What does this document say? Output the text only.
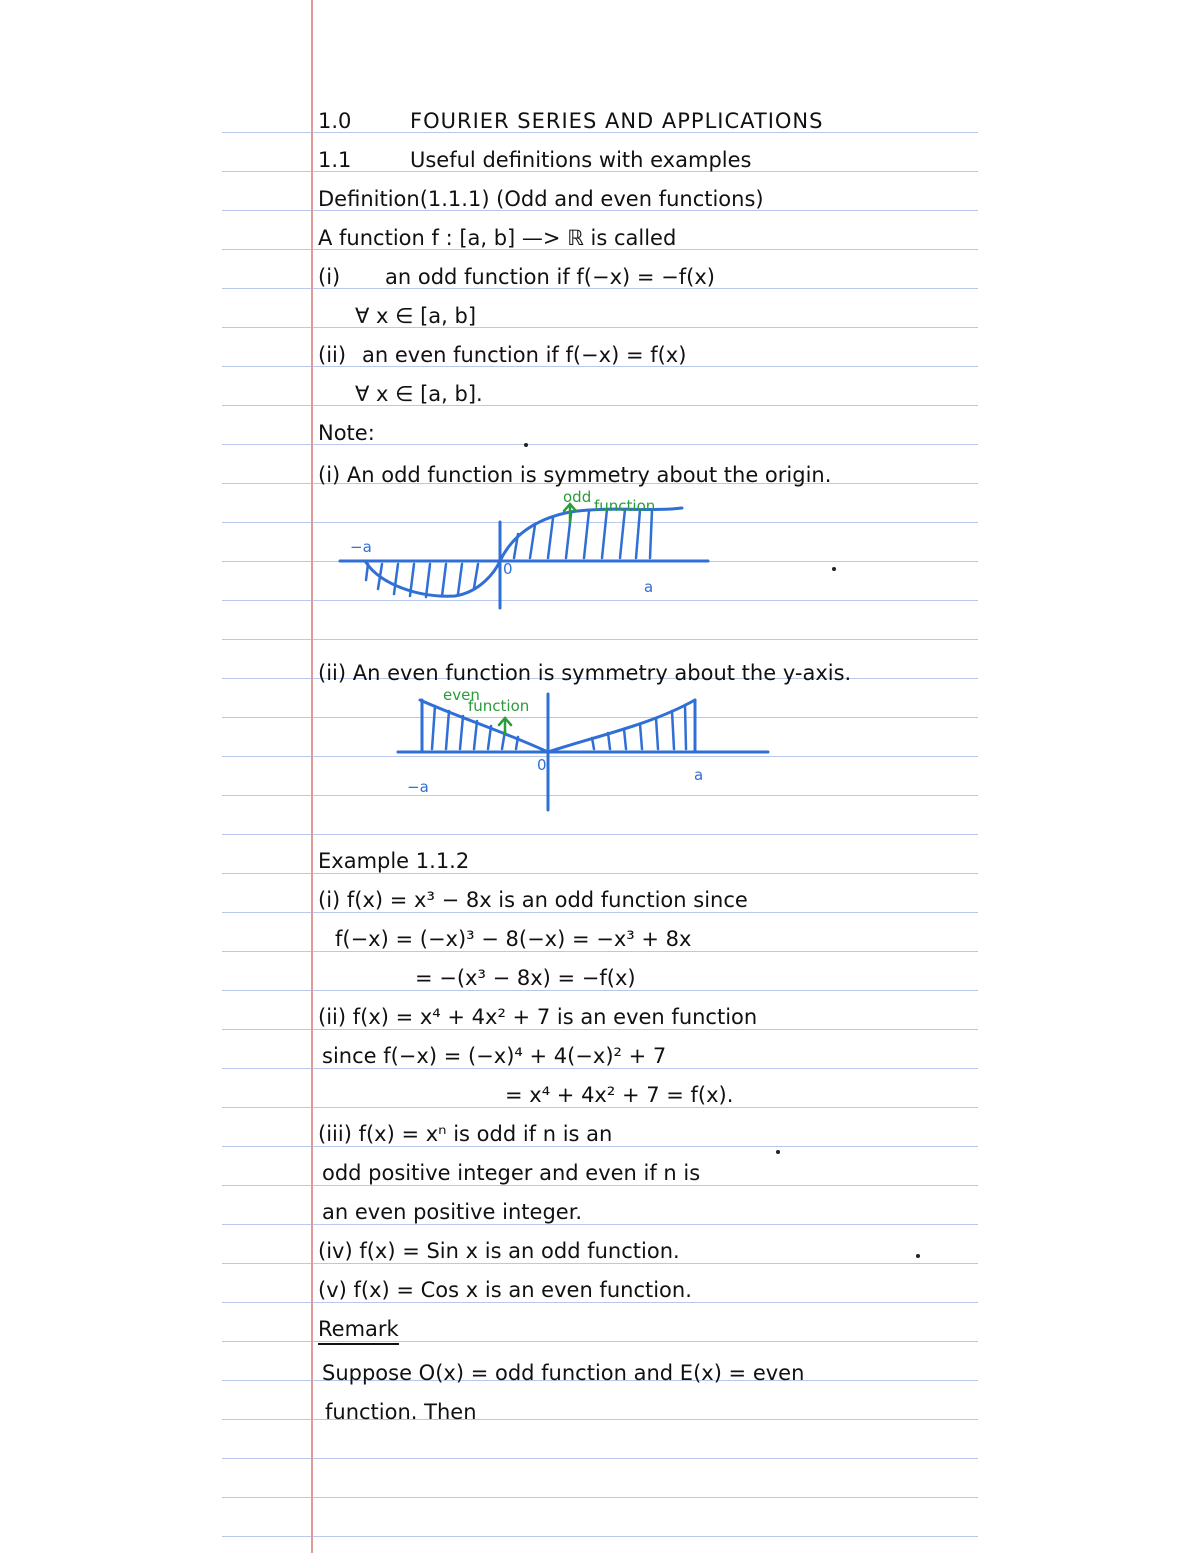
1.0	FOURIER SERIES AND APPLICATIONS
1.1	Useful definitions with examples
Definition(1.1.1) (Odd and even functions)
A function f : [a, b] —> ℝ is called
(i) an odd function if f(−x) = −f(x)
∀ x ∈ [a, b]
(ii) an even function if f(−x) = f(x)
∀ x ∈ [a, b].
Note:
(i) An odd function is symmetry about the origin.
odd function
−a
0
a
(ii) An even function is symmetry about the y-axis.
even
function
−a
0
a
Example 1.1.2
(i) f(x) = x³ − 8x is an odd function since
f(−x) = (−x)³ − 8(−x) = −x³ + 8x
= −(x³ − 8x) = −f(x)
(ii) f(x) = x⁴ + 4x² + 7 is an even function
since f(−x) = (−x)⁴ + 4(−x)² + 7
= x⁴ + 4x² + 7 = f(x).
(iii) f(x) = xⁿ is odd if n is an
odd positive integer and even if n is
an even positive integer.
(iv) f(x) = Sin x is an odd function.
(v) f(x) = Cos x is an even function.
Remark
Suppose O(x) = odd function and E(x) = even
function. Then
